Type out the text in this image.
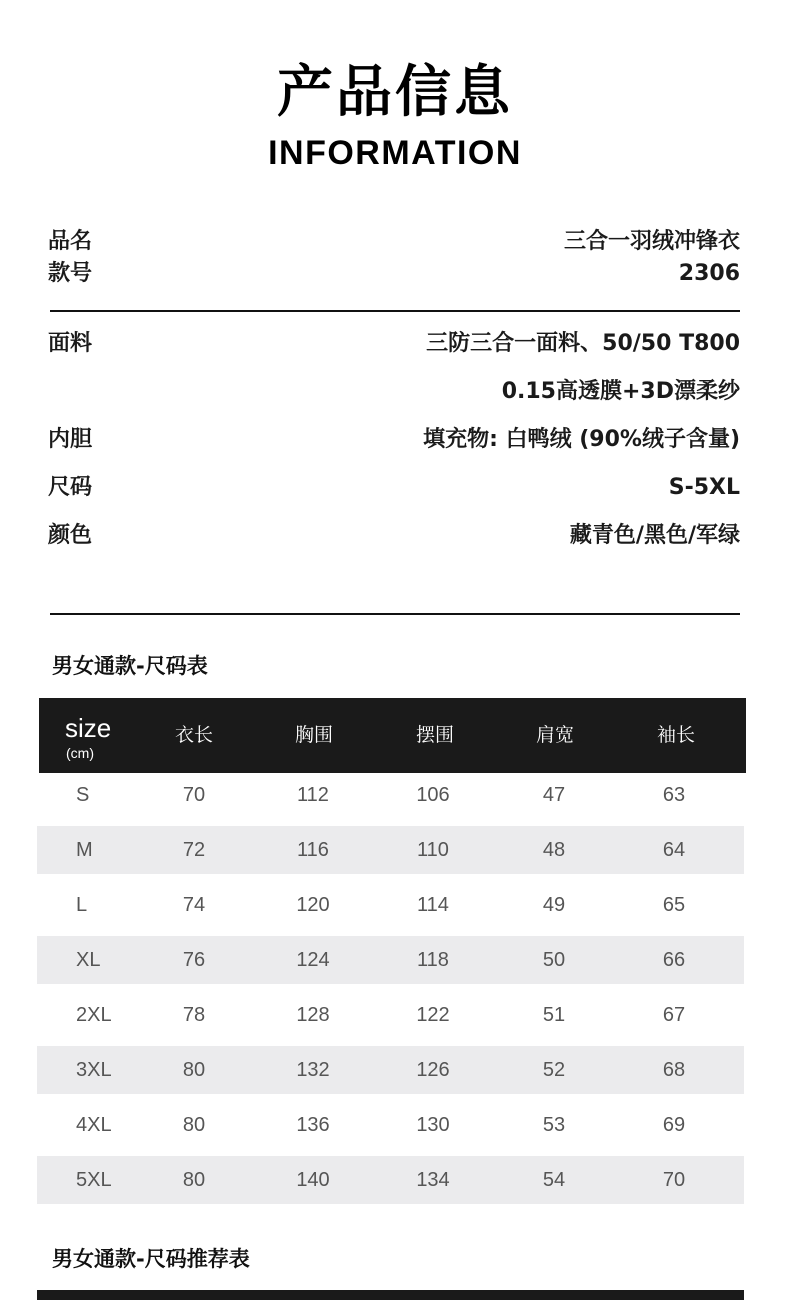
产品信息
INFORMATION
品名	三合一羽绒冲锋衣
款号	2306
面料	三防三合一面料、50/50 T800
0.15高透膜+3D漂柔纱
内胆	填充物: 白鸭绒 (90%绒子含量)
尺码	S-5XL
颜色	藏青色/黑色/军绿
男女通款-尺码表
size
(cm)
衣长	胸围	摆围	肩宽	袖长
S	70	112	106	47	63
M	72	116	110	48	64
L	74	120	114	49	65
XL	76	124	118	50	66
2XL	78	128	122	51	67
3XL	80	132	126	52	68
4XL	80	136	130	53	69
5XL	80	140	134	54	70
男女通款-尺码推荐表
